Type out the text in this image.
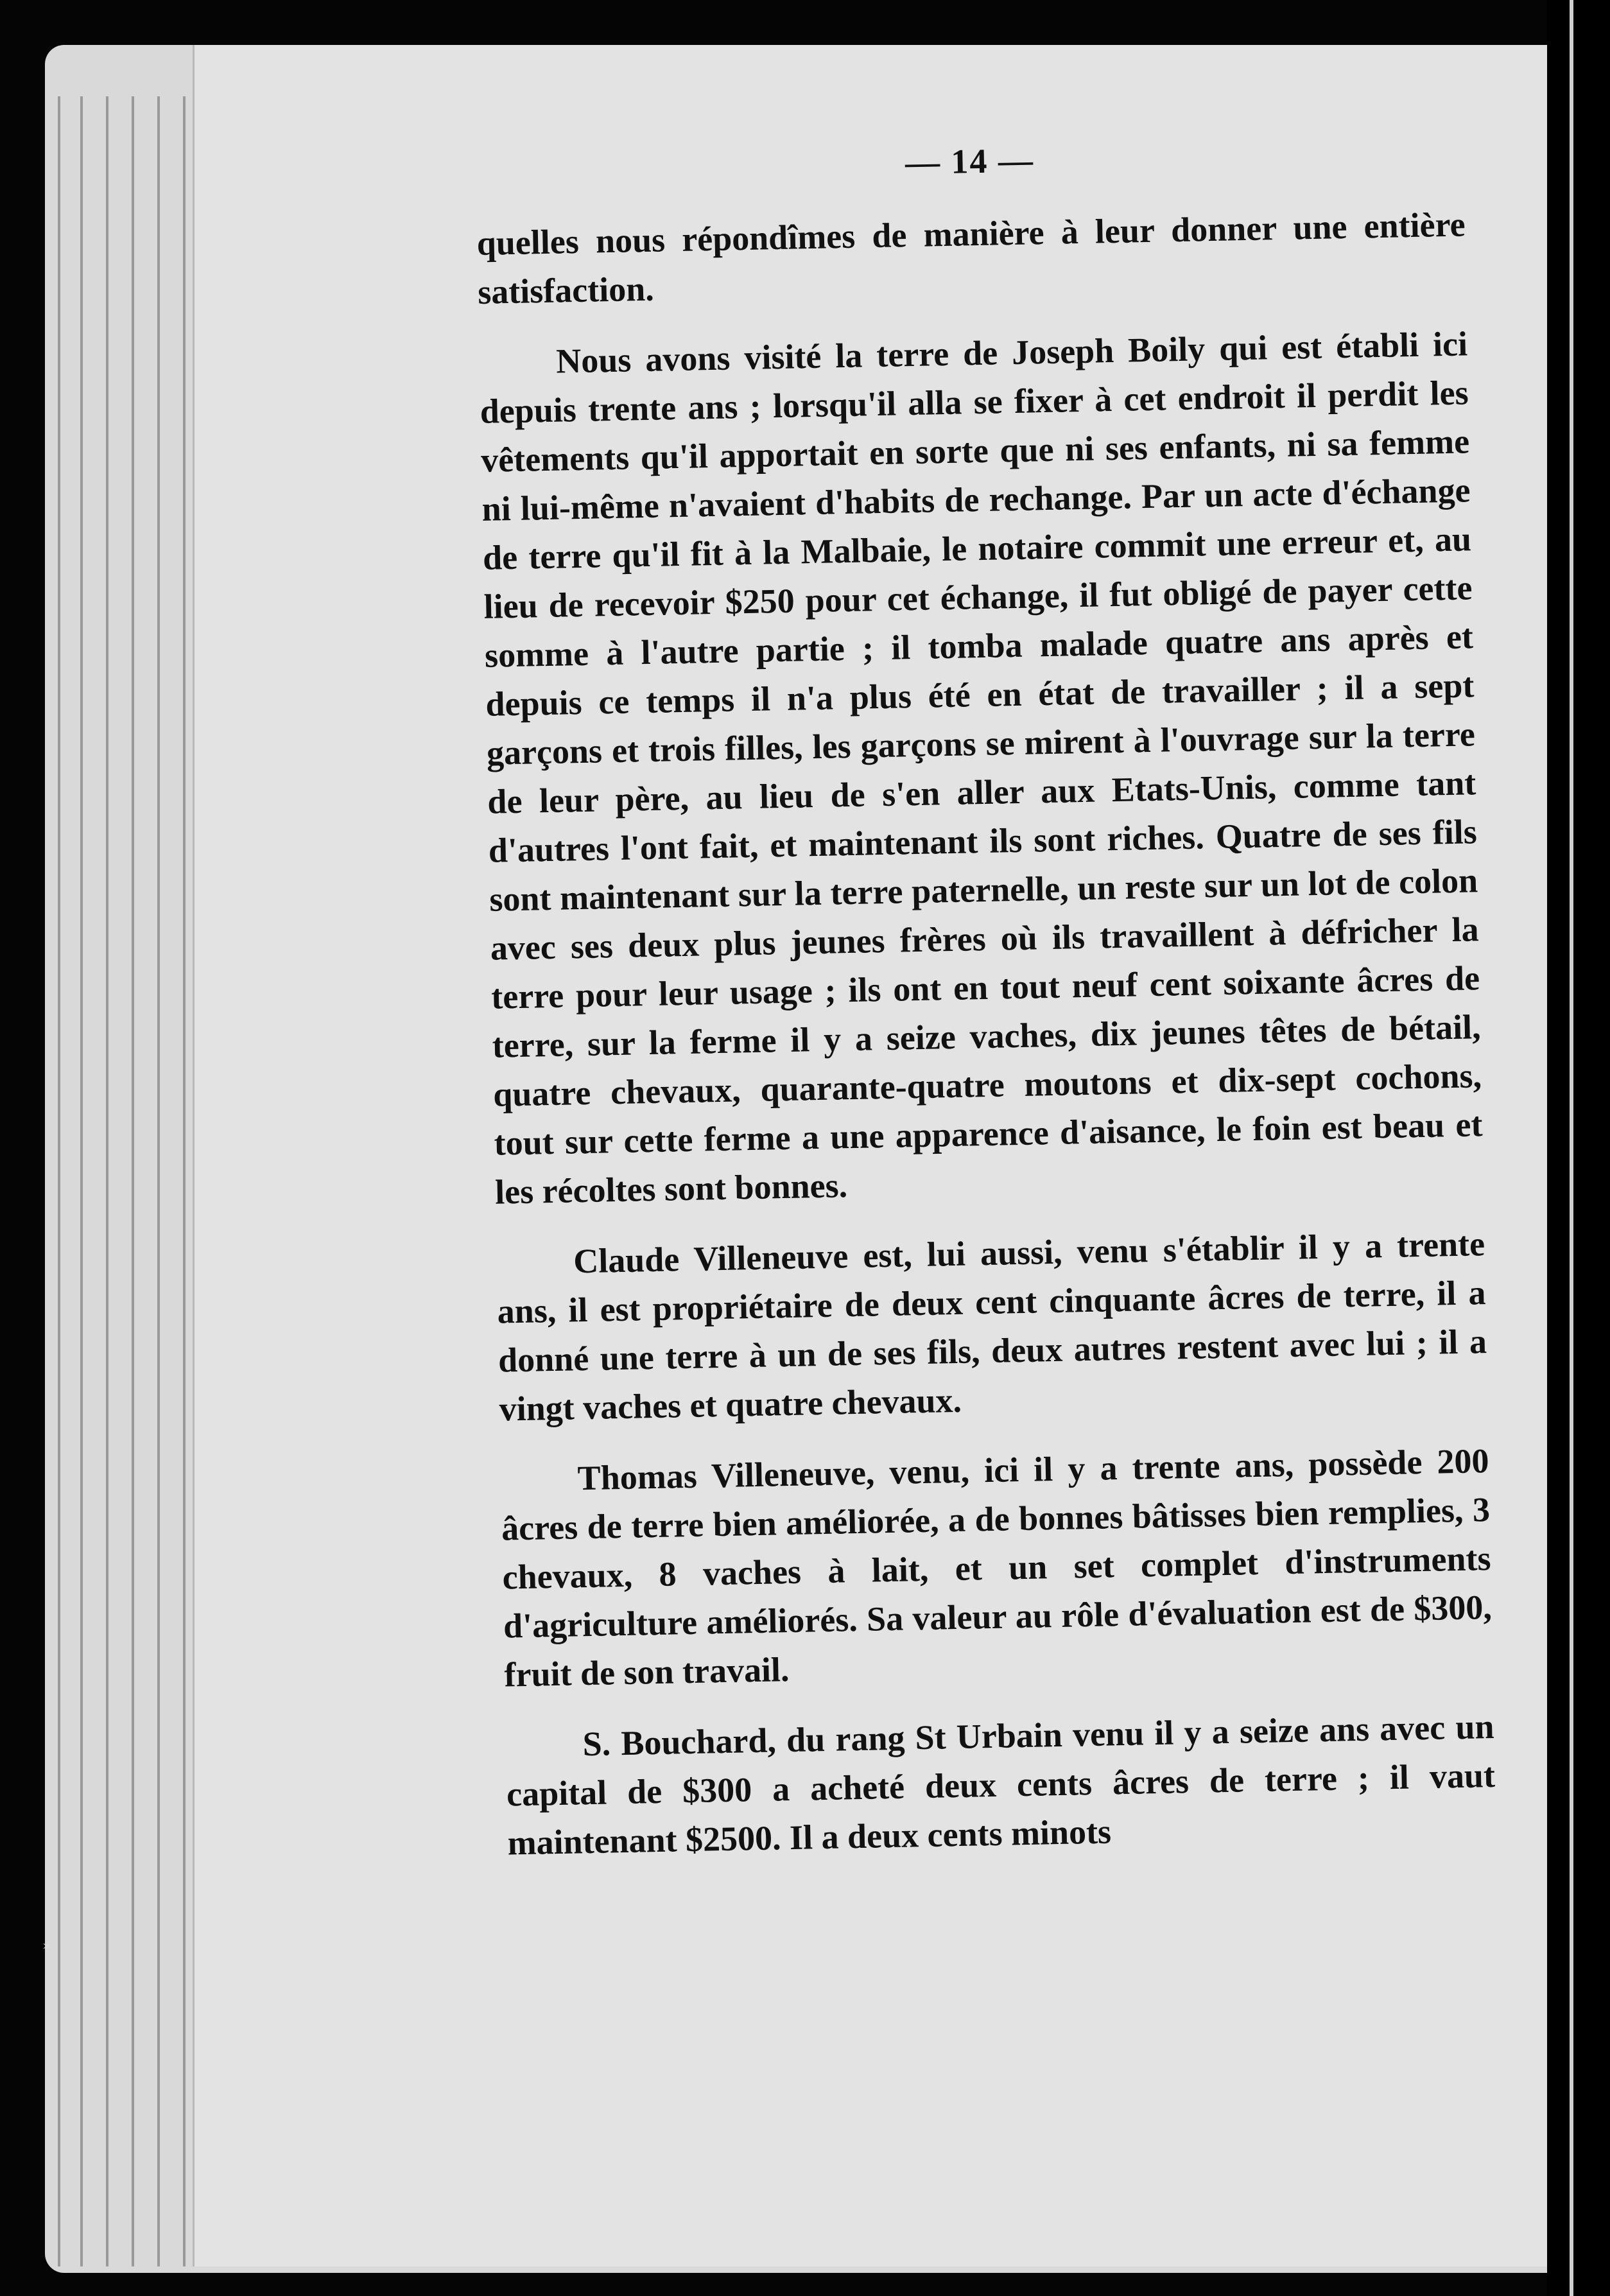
✶
— 14 —

quelles nous répondîmes de manière à leur donner une entière satisfaction.

Nous avons visité la terre de Joseph Boily qui est établi ici depuis trente ans ; lorsqu'il alla se fixer à cet endroit il perdit les vêtements qu'il apportait en sorte que ni ses enfants, ni sa femme ni lui-même n'avaient d'habits de rechange. Par un acte d'échange de terre qu'il fit à la Malbaie, le notaire commit une erreur et, au lieu de recevoir $250 pour cet échange, il fut obligé de payer cette somme à l'autre partie ; il tomba malade quatre ans après et depuis ce temps il n'a plus été en état de travailler ; il a sept garçons et trois filles, les garçons se mirent à l'ouvrage sur la terre de leur père, au lieu de s'en aller aux Etats-Unis, comme tant d'autres l'ont fait, et maintenant ils sont riches. Quatre de ses fils sont maintenant sur la terre paternelle, un reste sur un lot de colon avec ses deux plus jeunes frères où ils travaillent à défricher la terre pour leur usage ; ils ont en tout neuf cent soixante âcres de terre, sur la ferme il y a seize vaches, dix jeunes têtes de bétail, quatre chevaux, quarante-quatre moutons et dix-sept cochons, tout sur cette ferme a une apparence d'aisance, le foin est beau et les récoltes sont bonnes.

Claude Villeneuve est, lui aussi, venu s'établir il y a trente ans, il est propriétaire de deux cent cinquante âcres de terre, il a donné une terre à un de ses fils, deux autres restent avec lui ; il a vingt vaches et quatre chevaux.

Thomas Villeneuve, venu, ici il y a trente ans, possède 200 âcres de terre bien améliorée, a de bonnes bâtisses bien remplies, 3 chevaux, 8 vaches à lait, et un set complet d'instruments d'agriculture améliorés. Sa valeur au rôle d'évaluation est de $300, fruit de son travail.

S. Bouchard, du rang St Urbain venu il y a seize ans avec un capital de $300 a acheté deux cents âcres de terre ; il vaut maintenant $2500. Il a deux cents minots
